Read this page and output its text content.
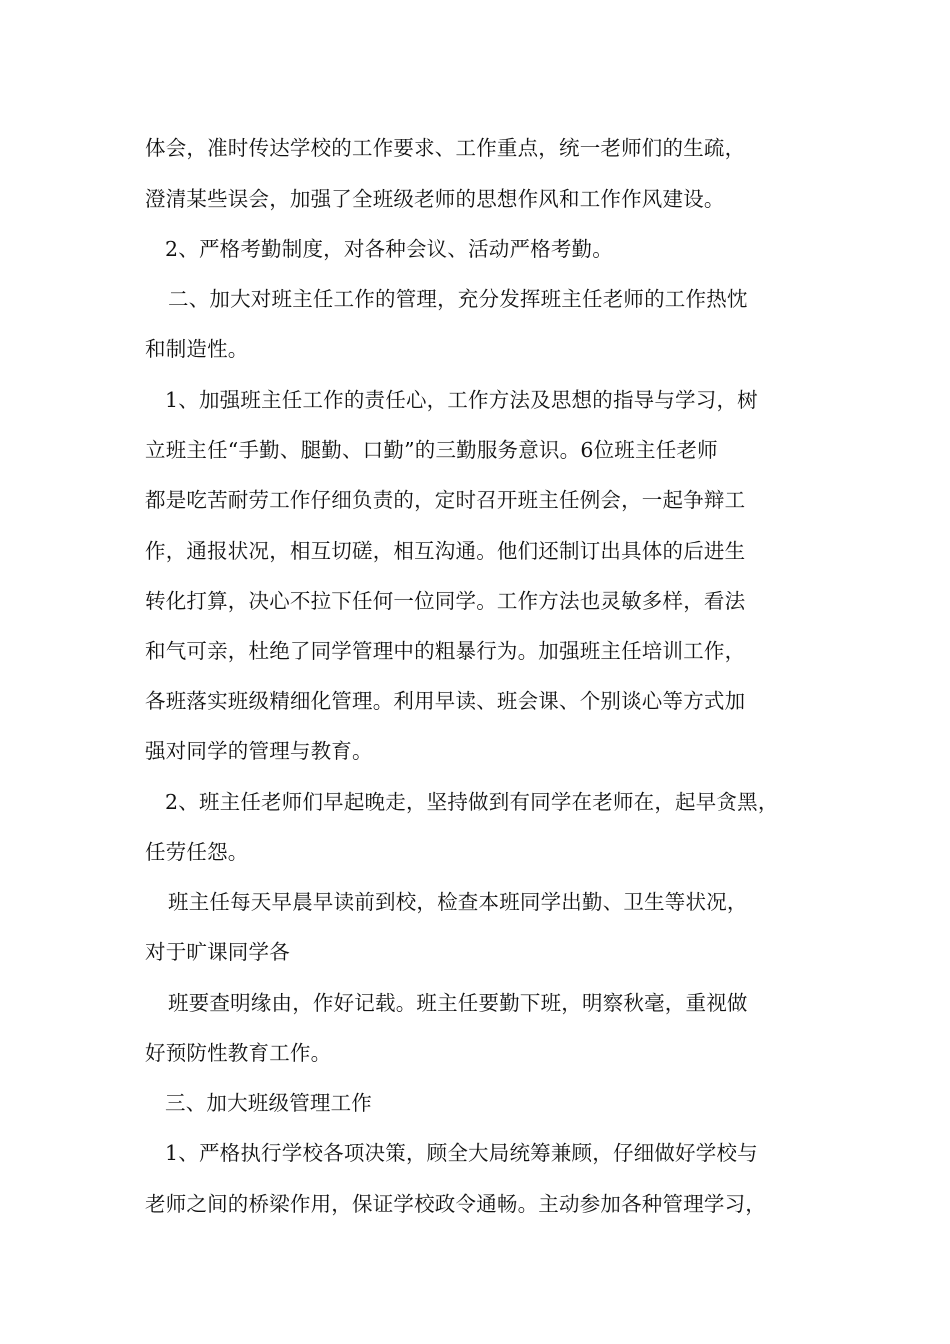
体会，准时传达学校的工作要求、工作重点，统一老师们的生疏，
澄清某些误会，加强了全班级老师的思想作风和工作作风建设。
2、严格考勤制度，对各种会议、活动严格考勤。
二、加大对班主任工作的管理，充分发挥班主任老师的工作热忱
和制造性。
1、加强班主任工作的责任心，工作方法及思想的指导与学习，树
立班主任“手勤、腿勤、口勤”的三勤服务意识。6位班主任老师
都是吃苦耐劳工作仔细负责的，定时召开班主任例会，一起争辩工
作，通报状况，相互切磋，相互沟通。他们还制订出具体的后进生
转化打算，决心不拉下任何一位同学。工作方法也灵敏多样，看法
和气可亲，杜绝了同学管理中的粗暴行为。加强班主任培训工作，
各班落实班级精细化管理。利用早读、班会课、个别谈心等方式加
强对同学的管理与教育。
2、班主任老师们早起晚走，坚持做到有同学在老师在，起早贪黑，
任劳任怨。
班主任每天早晨早读前到校，检查本班同学出勤、卫生等状况，
对于旷课同学各
班要查明缘由，作好记载。班主任要勤下班，明察秋毫，重视做
好预防性教育工作。
三、加大班级管理工作
1、严格执行学校各项决策，顾全大局统筹兼顾，仔细做好学校与
老师之间的桥梁作用，保证学校政令通畅。主动参加各种管理学习，
